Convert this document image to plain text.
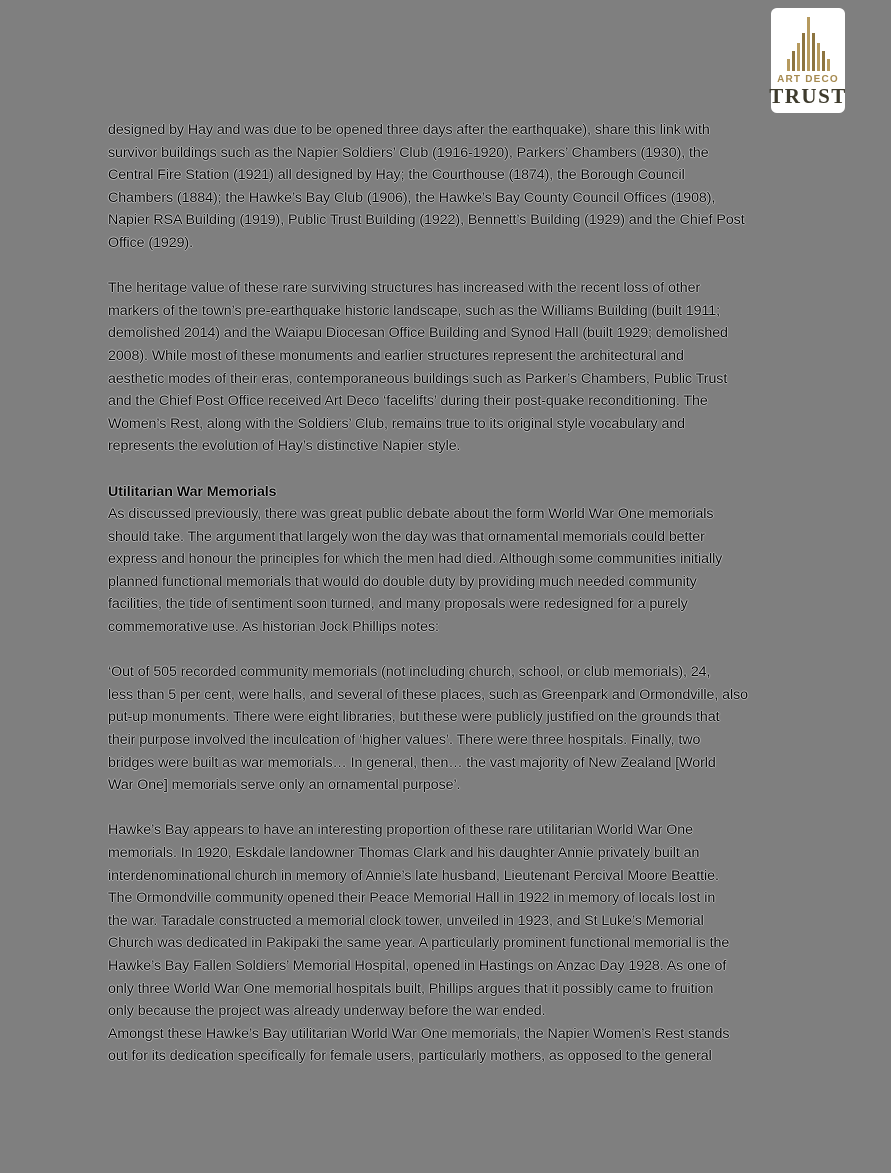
ART DECO
TRUST
designed by Hay and was due to be opened three days after the earthquake), share this link with
survivor buildings such as the Napier Soldiers’ Club (1916-1920), Parkers’ Chambers (1930), the
Central Fire Station (1921) all designed by Hay; the Courthouse (1874), the Borough Council
Chambers (1884); the Hawke’s Bay Club (1906), the Hawke’s Bay County Council Offices (1908),
Napier RSA Building (1919), Public Trust Building (1922), Bennett’s Building (1929) and the Chief Post
Office (1929).
The heritage value of these rare surviving structures has increased with the recent loss of other
markers of the town’s pre-earthquake historic landscape, such as the Williams Building (built 1911;
demolished 2014) and the Waiapu Diocesan Office Building and Synod Hall (built 1929; demolished
2008). While most of these monuments and earlier structures represent the architectural and
aesthetic modes of their eras, contemporaneous buildings such as Parker’s Chambers, Public Trust
and the Chief Post Office received Art Deco ‘facelifts’ during their post-quake reconditioning. The
Women’s Rest, along with the Soldiers’ Club, remains true to its original style vocabulary and
represents the evolution of Hay’s distinctive Napier style.
Utilitarian War Memorials
As discussed previously, there was great public debate about the form World War One memorials
should take. The argument that largely won the day was that ornamental memorials could better
express and honour the principles for which the men had died. Although some communities initially
planned functional memorials that would do double duty by providing much needed community
facilities, the tide of sentiment soon turned, and many proposals were redesigned for a purely
commemorative use. As historian Jock Phillips notes:
‘Out of 505 recorded community memorials (not including church, school, or club memorials), 24,
less than 5 per cent, were halls, and several of these places, such as Greenpark and Ormondville, also
put-up monuments. There were eight libraries, but these were publicly justified on the grounds that
their purpose involved the inculcation of ‘higher values’. There were three hospitals. Finally, two
bridges were built as war memorials… In general, then… the vast majority of New Zealand [World
War One] memorials serve only an ornamental purpose’.
Hawke’s Bay appears to have an interesting proportion of these rare utilitarian World War One
memorials. In 1920, Eskdale landowner Thomas Clark and his daughter Annie privately built an
interdenominational church in memory of Annie’s late husband, Lieutenant Percival Moore Beattie.
The Ormondville community opened their Peace Memorial Hall in 1922 in memory of locals lost in
the war. Taradale constructed a memorial clock tower, unveiled in 1923, and St Luke’s Memorial
Church was dedicated in Pakipaki the same year. A particularly prominent functional memorial is the
Hawke’s Bay Fallen Soldiers’ Memorial Hospital, opened in Hastings on Anzac Day 1928. As one of
only three World War One memorial hospitals built, Phillips argues that it possibly came to fruition
only because the project was already underway before the war ended.
Amongst these Hawke’s Bay utilitarian World War One memorials, the Napier Women’s Rest stands
out for its dedication specifically for female users, particularly mothers, as opposed to the general
